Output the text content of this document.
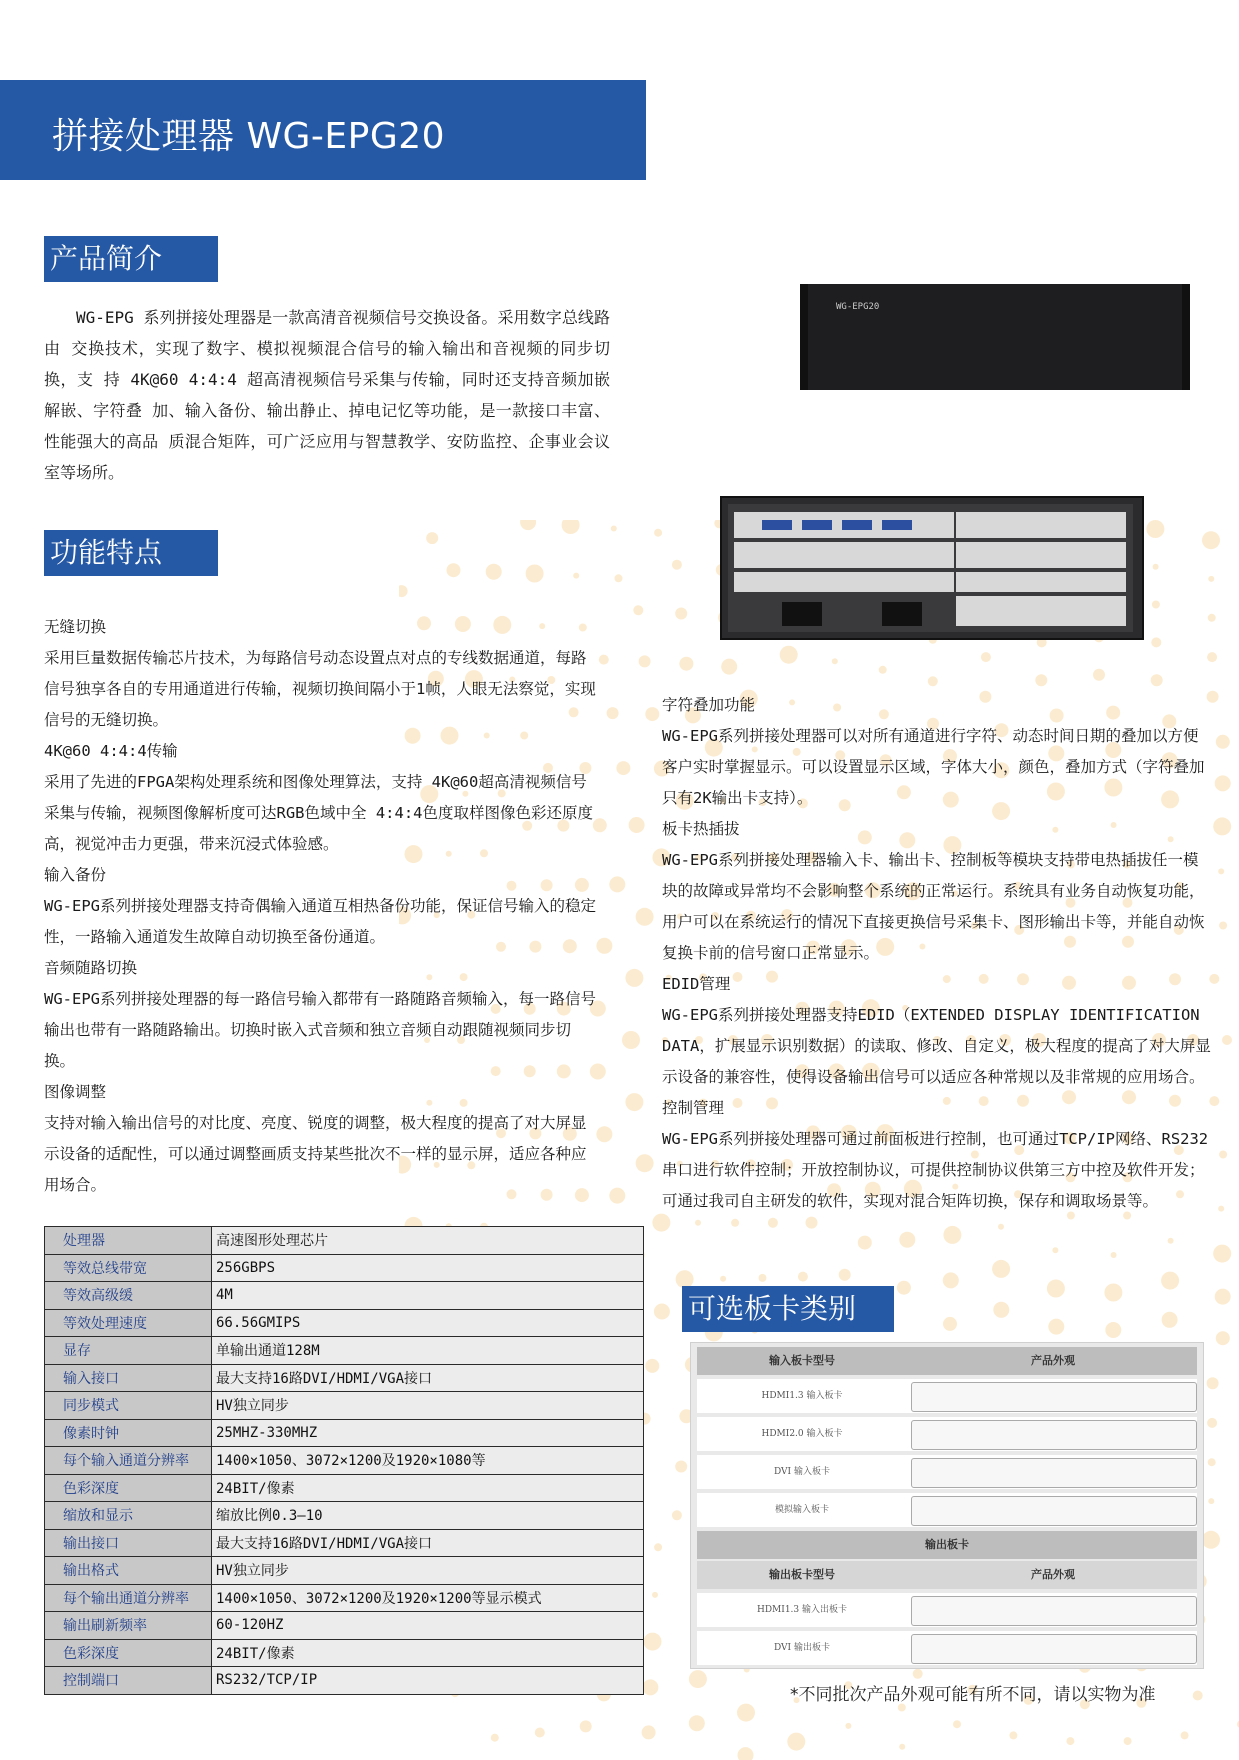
拼接处理器 WG-EPG20
产品简介
WG-EPG 系列拼接处理器是一款高清音视频信号交换设备。采用数字总线路由 交换技术，实现了数字、模拟视频混合信号的输入输出和音视频的同步切换，支 持 4K@60 4:4:4 超高清视频信号采集与传输，同时还支持音频加嵌解嵌、字符叠 加、输入备份、输出静止、掉电记忆等功能，是一款接口丰富、性能强大的高品 质混合矩阵，可广泛应用与智慧教学、安防监控、企事业会议室等场所。
WG-EPG20
功能特点

无缝切换

采用巨量数据传输芯片技术，为每路信号动态设置点对点的专线数据通道，每路信号独享各自的专用通道进行传输，视频切换间隔小于1帧，人眼无法察觉，实现信号的无缝切换。

4K@60 4:4:4传输

采用了先进的FPGA架构处理系统和图像处理算法，支持 4K@60超高清视频信号采集与传输，视频图像解析度可达RGB色域中全 4:4:4色度取样图像色彩还原度高，视觉冲击力更强，带来沉浸式体验感。

输入备份

WG-EPG系列拼接处理器支持奇偶输入通道互相热备份功能，保证信号输入的稳定性，一路输入通道发生故障自动切换至备份通道。

音频随路切换

WG-EPG系列拼接处理器的每一路信号输入都带有一路随路音频输入，每一路信号输出也带有一路随路输出。切换时嵌入式音频和独立音频自动跟随视频同步切换。

图像调整

支持对输入输出信号的对比度、亮度、锐度的调整，极大程度的提高了对大屏显示设备的适配性，可以通过调整画质支持某些批次不一样的显示屏，适应各种应用场合。

字符叠加功能

WG-EPG系列拼接处理器可以对所有通道进行字符、动态时间日期的叠加以方便客户实时掌握显示。可以设置显示区域，字体大小，颜色，叠加方式（字符叠加只有2K输出卡支持）。

板卡热插拔

WG-EPG系列拼接处理器输入卡、输出卡、控制板等模块支持带电热插拔任一模块的故障或异常均不会影响整个系统的正常运行。系统具有业务自动恢复功能，用户可以在系统运行的情况下直接更换信号采集卡、图形输出卡等，并能自动恢复换卡前的信号窗口正常显示。

EDID管理

WG-EPG系列拼接处理器支持EDID（EXTENDED DISPLAY IDENTIFICATION DATA，扩展显示识别数据）的读取、修改、自定义，极大程度的提高了对大屏显示设备的兼容性，使得设备输出信号可以适应各种常规以及非常规的应用场合。

控制管理

WG-EPG系列拼接处理器可通过前面板进行控制，也可通过TCP/IP网络、RS232串口进行软件控制；开放控制协议，可提供控制协议供第三方中控及软件开发；可通过我司自主研发的软件，实现对混合矩阵切换，保存和调取场景等。

处理器	高速图形处理芯片
等效总线带宽	256GBPS
等效高级缓	4M
等效处理速度	66.56GMIPS
显存	单输出通道128M
输入接口	最大支持16路DVI/HDMI/VGA接口
同步模式	HV独立同步
像素时钟	25MHZ-330MHZ
每个输入通道分辨率	1400×1050、3072×1200及1920×1080等
色彩深度	24BIT/像素
缩放和显示	缩放比例0.3—10
输出接口	最大支持16路DVI/HDMI/VGA接口
输出格式	HV独立同步
每个输出通道分辨率	1400×1050、3072×1200及1920×1200等显示模式
输出刷新频率	60-120HZ
色彩深度	24BIT/像素
控制端口	RS232/TCP/IP
可选板卡类别
输入板卡型号	产品外观
HDMI1.3 输入板卡
HDMI2.0 输入板卡
DVI 输入板卡
模拟输入板卡
输出板卡
输出板卡型号	产品外观
HDMI1.3 输入出板卡
DVI 输出板卡
*不同批次产品外观可能有所不同，请以实物为准
